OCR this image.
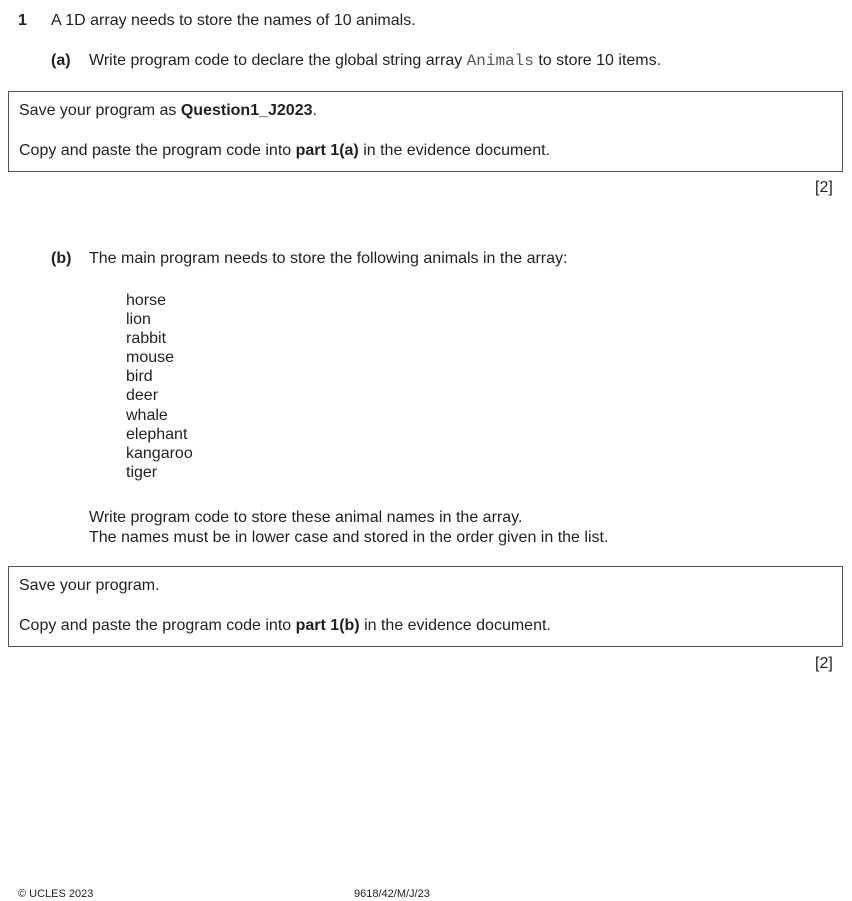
1 A 1D array needs to store the names of 10 animals.
(a) Write program code to declare the global string array Animals to store 10 items.
Save your program as Question1_J2023.
Copy and paste the program code into part 1(a) in the evidence document.
[2]
(b) The main program needs to store the following animals in the array:
horse
lion
rabbit
mouse
bird
deer
whale
elephant
kangaroo
tiger
Write program code to store these animal names in the array.
The names must be in lower case and stored in the order given in the list.
Save your program.
Copy and paste the program code into part 1(b) in the evidence document.
[2]
© UCLES 2023	9618/42/M/J/23
